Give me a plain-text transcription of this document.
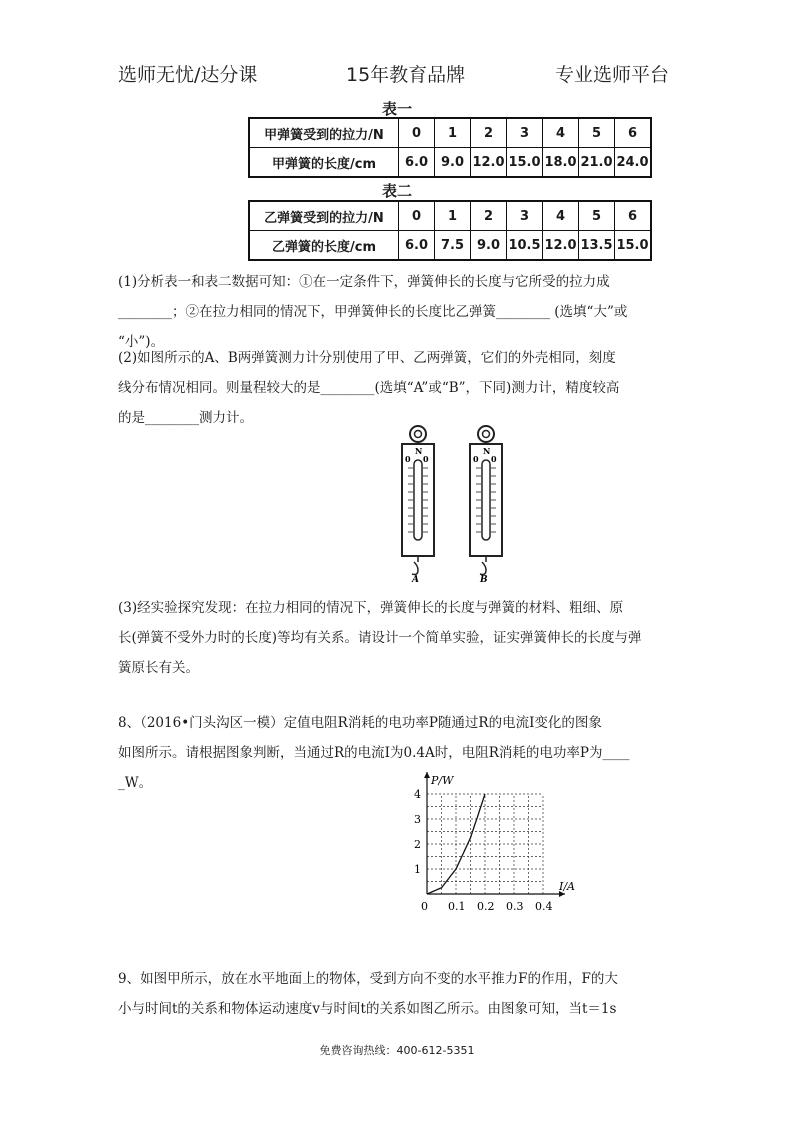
选师无忧/达分课	15年教育品牌	专业选师平台
表一
甲弹簧受到的拉力/N	0	1	2	3	4	5	6
甲弹簧的长度/cm	6.0	9.0	12.0	15.0	18.0	21.0	24.0
表二
乙弹簧受到的拉力/N	0	1	2	3	4	5	6
乙弹簧的长度/cm	6.0	7.5	9.0	10.5	12.0	13.5	15.0

(1)分析表一和表二数据可知：①在一定条件下，弹簧伸长的长度与它所受的拉力成

________；②在拉力相同的情况下，甲弹簧伸长的长度比乙弹簧________ (选填“大”或

“小”)。

(2)如图所示的A、B两弹簧测力计分别使用了甲、乙两弹簧，它们的外壳相同，刻度

线分布情况相同。则量程较大的是________(选填“A”或“B”，下同)测力计，精度较高

的是________测力计。

N
0 0
A
N
0 0
B

(3)经实验探究发现：在拉力相同的情况下，弹簧伸长的长度与弹簧的材料、粗细、原

长(弹簧不受外力时的长度)等均有关系。请设计一个简单实验，证实弹簧伸长的长度与弹

簧原长有关。

8、（2016•门头沟区一模）定值电阻R消耗的电功率P随通过R的电流I变化的图象

如图所示。请根据图象判断，当通过R的电流I为0.4A时，电阻R消耗的电功率P为____

_W。

0 0.1 0.2 0.3 0.4
1
2
3
4
P/W
I/A

9、如图甲所示，放在水平地面上的物体，受到方向不变的水平推力F的作用，F的大

小与时间t的关系和物体运动速度v与时间t的关系如图乙所示。由图象可知，当t＝1s

免费咨询热线：400-612-5351
